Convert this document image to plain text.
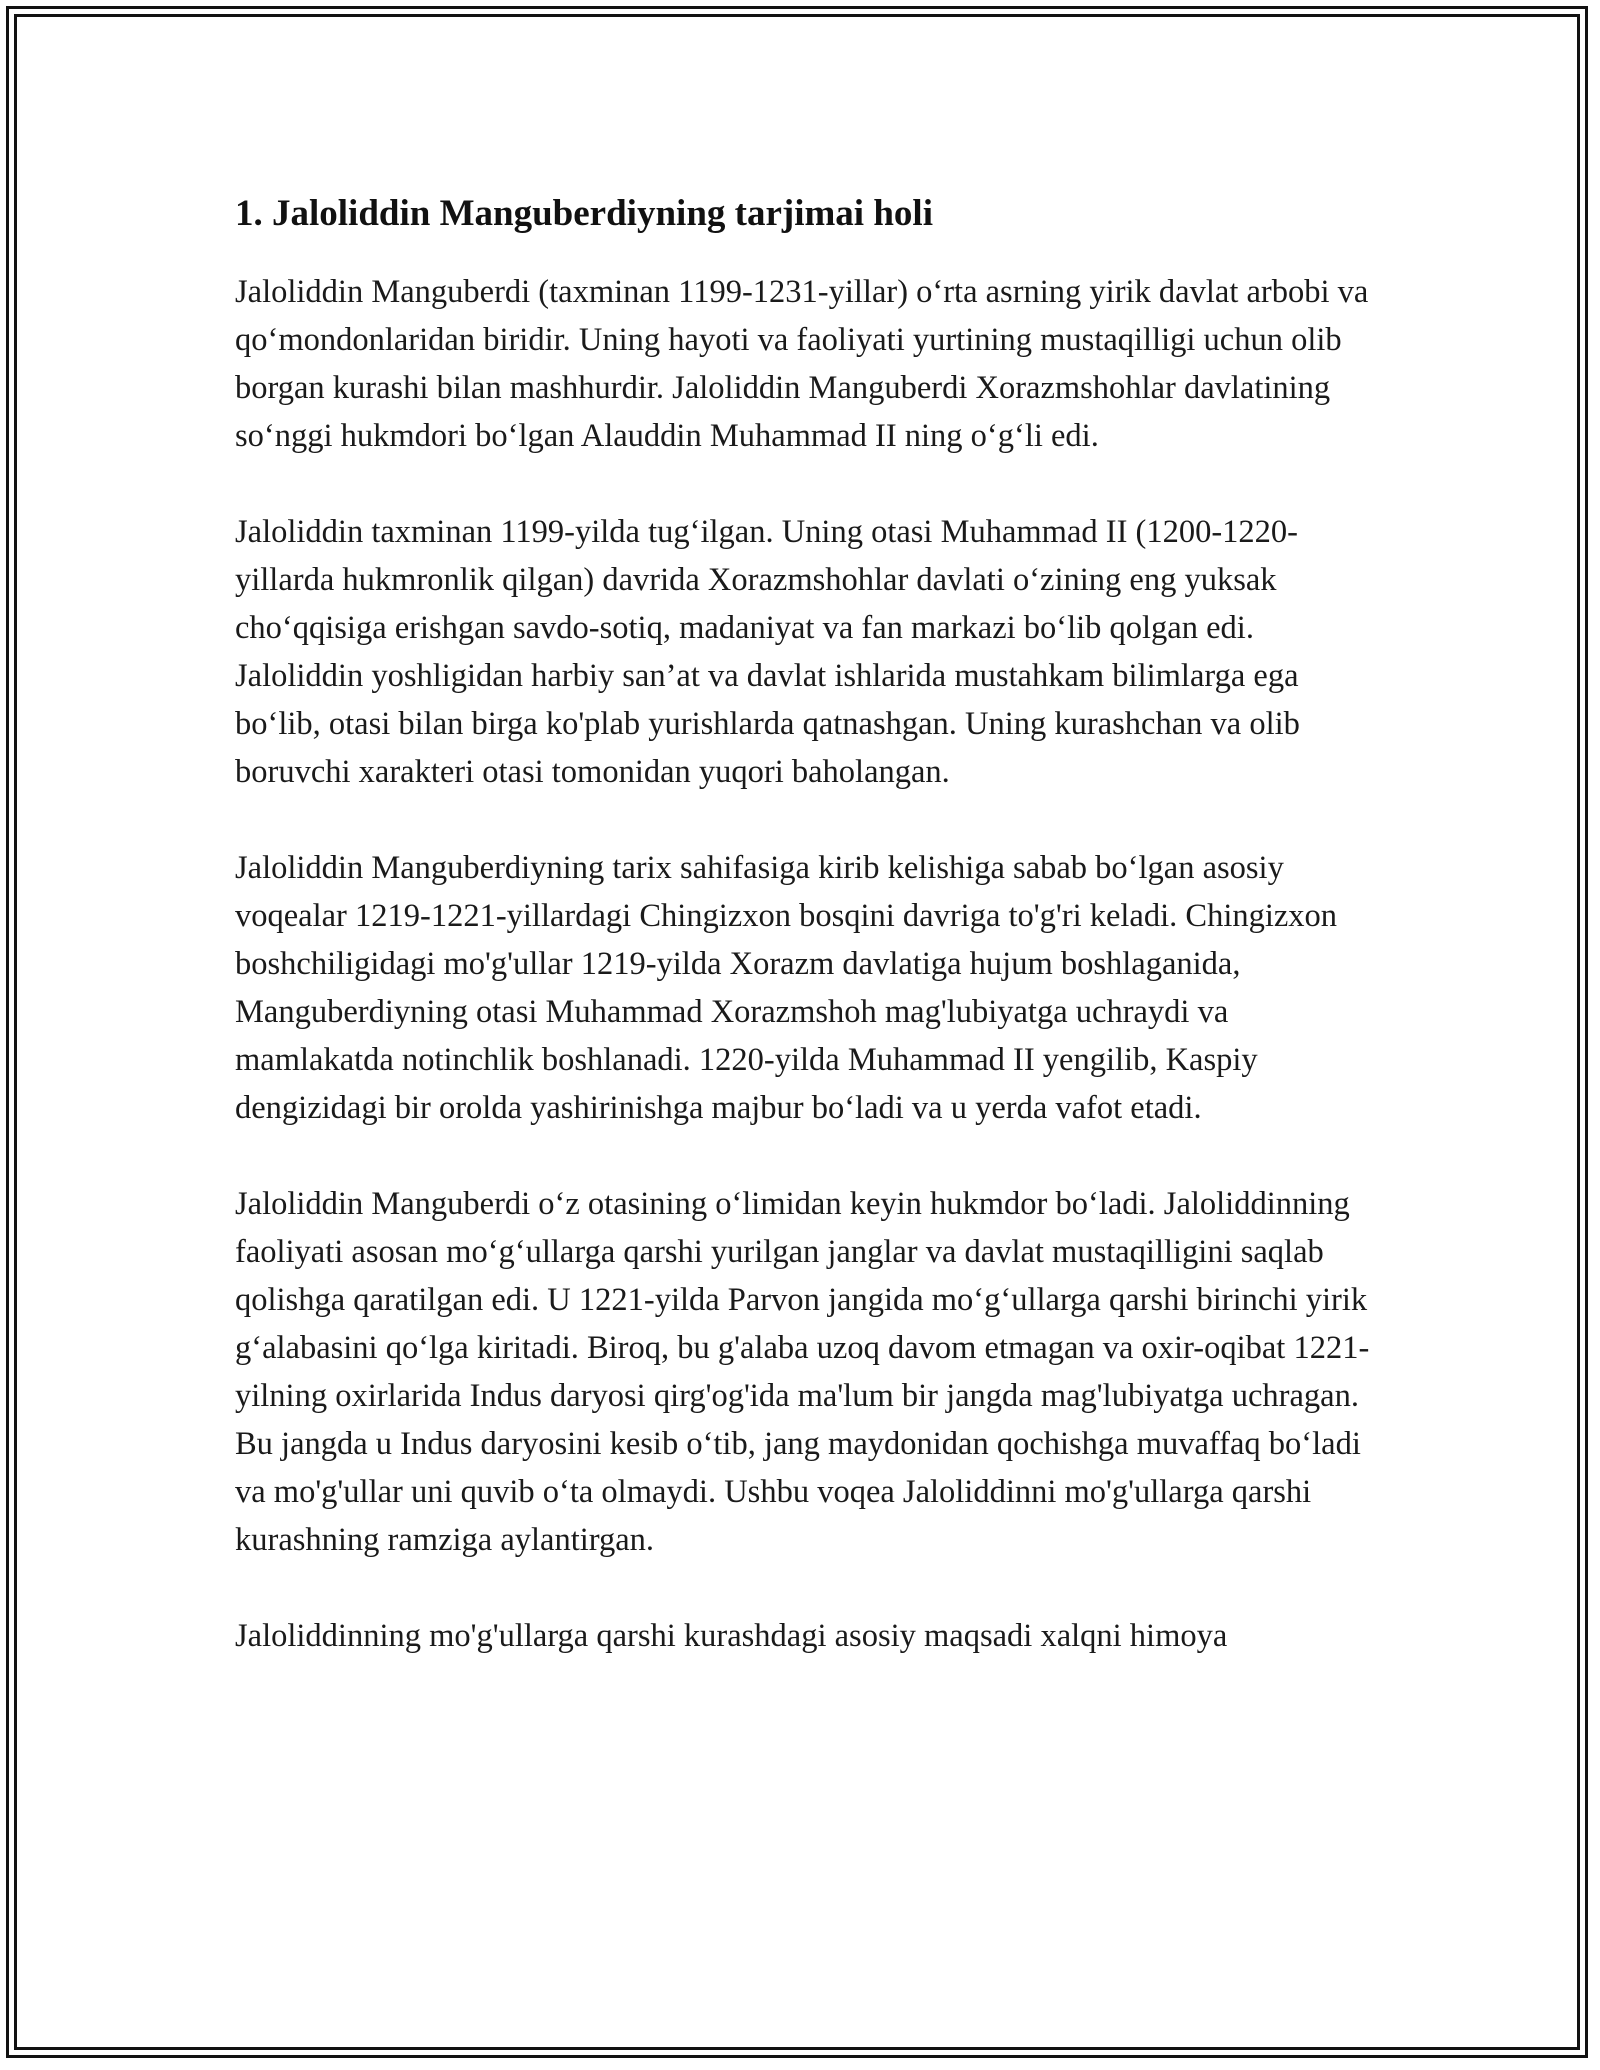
1. Jaloliddin Manguberdiyning tarjimai holi

Jaloliddin Manguberdi (taxminan 1199-1231-yillar) o‘rta asrning yirik davlat arbobi va qo‘mondonlaridan biridir. Uning hayoti va faoliyati yurtining mustaqilligi uchun olib borgan kurashi bilan mashhurdir. Jaloliddin Manguberdi Xorazmshohlar davlatining so‘nggi hukmdori bo‘lgan Alauddin Muhammad II ning o‘g‘li edi.

Jaloliddin taxminan 1199-yilda tug‘ilgan. Uning otasi Muhammad II (1200-1220-yillarda hukmronlik qilgan) davrida Xorazmshohlar davlati o‘zining eng yuksak cho‘qqisiga erishgan savdo-sotiq, madaniyat va fan markazi bo‘lib qolgan edi. Jaloliddin yoshligidan harbiy san’at va davlat ishlarida mustahkam bilimlarga ega bo‘lib, otasi bilan birga ko'plab yurishlarda qatnashgan. Uning kurashchan va olib boruvchi xarakteri otasi tomonidan yuqori baholangan.

Jaloliddin Manguberdiyning tarix sahifasiga kirib kelishiga sabab bo‘lgan asosiy voqealar 1219-1221-yillardagi Chingizxon bosqini davriga to'g'ri keladi. Chingizxon boshchiligidagi mo'g'ullar 1219-yilda Xorazm davlatiga hujum boshlaganida, Manguberdiyning otasi Muhammad Xorazmshoh mag'lubiyatga uchraydi va mamlakatda notinchlik boshlanadi. 1220-yilda Muhammad II yengilib, Kaspiy dengizidagi bir orolda yashirinishga majbur bo‘ladi va u yerda vafot etadi.

Jaloliddin Manguberdi o‘z otasining o‘limidan keyin hukmdor bo‘ladi. Jaloliddinning faoliyati asosan mo‘g‘ullarga qarshi yurilgan janglar va davlat mustaqilligini saqlab qolishga qaratilgan edi. U 1221-yilda Parvon jangida mo‘g‘ullarga qarshi birinchi yirik g‘alabasini qo‘lga kiritadi. Biroq, bu g'alaba uzoq davom etmagan va oxir-oqibat 1221-yilning oxirlarida Indus daryosi qirg'og'ida ma'lum bir jangda mag'lubiyatga uchragan. Bu jangda u Indus daryosini kesib o‘tib, jang maydonidan qochishga muvaffaq bo‘ladi va mo'g'ullar uni quvib o‘ta olmaydi. Ushbu voqea Jaloliddinni mo'g'ullarga qarshi kurashning ramziga aylantirgan.

Jaloliddinning mo'g'ullarga qarshi kurashdagi asosiy maqsadi xalqni himoya
